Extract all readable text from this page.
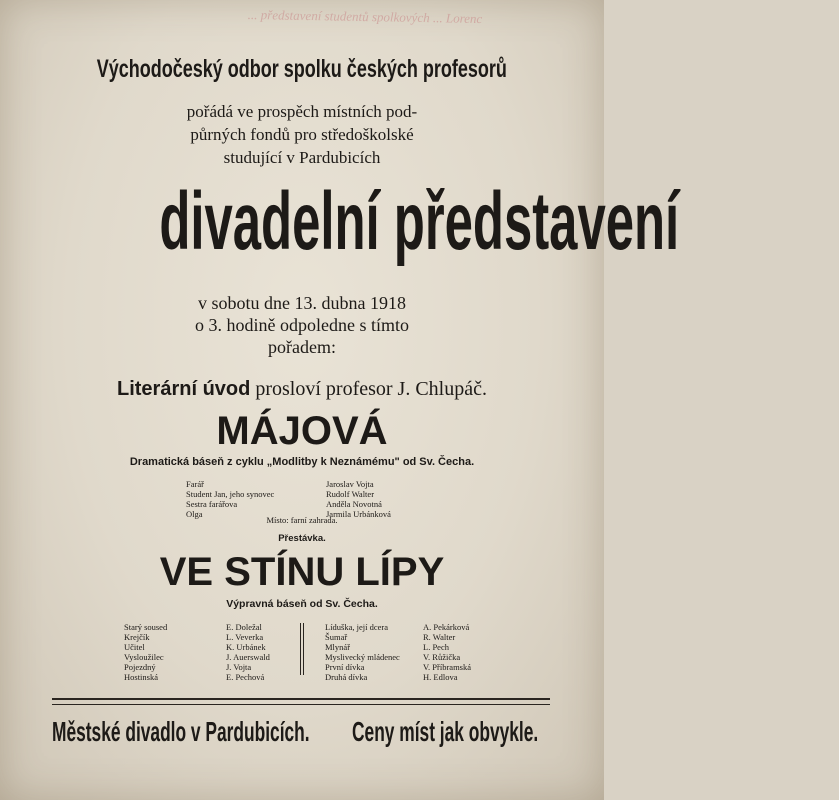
... představení studentů spolkových ... Lorenc
Východočeský odbor spolku českých profesorů
pořádá ve prospěch místních pod-
půrných fondů pro středoškolské
studující v Pardubicích
divadelní představení
v sobotu dne 13. dubna 1918
o 3. hodině odpoledne s tímto
pořadem:
Literární úvod prosloví profesor J. Chlupáč.
MÁJOVÁ
Dramatická báseň z cyklu „Modlitby k Neznámému" od Sv. Čecha.
Farář	Jaroslav Vojta
Student Jan, jeho synovec	Rudolf Walter
Sestra farářova	Anděla Novotná
Olga	Jarmila Urbánková
Místo: farní zahrada.
Přestávka.
VE STÍNU LÍPY
Výpravná báseň od Sv. Čecha.
Starý soused	E. Doležal
Krejčík	L. Veverka
Učitel	K. Urbánek
Vysloužilec	J. Auerswald
Pojezdný	J. Vojta
Hostinská	E. Pechová
Líduška, její dcera	A. Pekárková
Šumař	R. Walter
Mlynář	L. Pech
Myslivecký mládenec	V. Růžička
První dívka	V. Příbramská
Druhá dívka	H. Edlova
Městské divadlo v Pardubicích.	Ceny míst jak obvykle.
